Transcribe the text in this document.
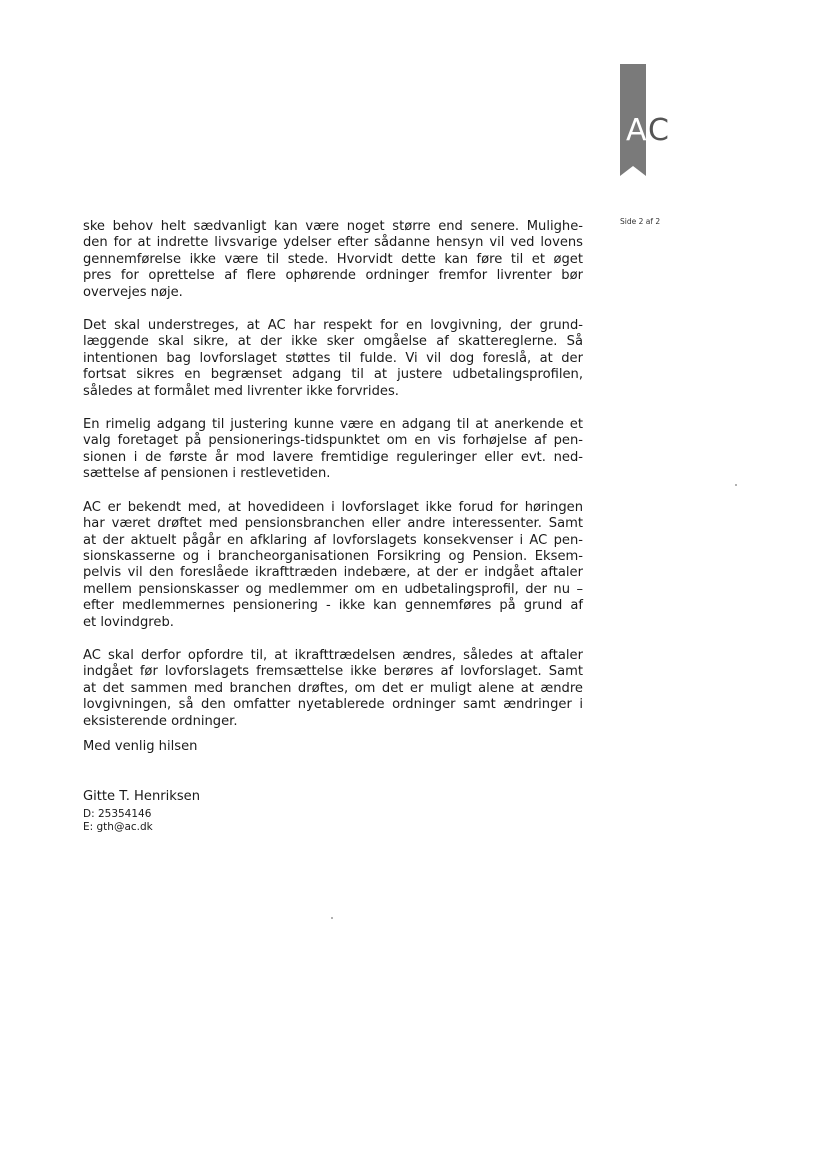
AC
Side 2 af 2
ske behov helt sædvanligt kan være noget større end senere. Mulighe-
den for at indrette livsvarige ydelser efter sådanne hensyn vil ved lovens
gennemførelse ikke være til stede. Hvorvidt dette kan føre til et øget
pres for oprettelse af flere ophørende ordninger fremfor livrenter bør
overvejes nøje.
Det skal understreges, at AC har respekt for en lovgivning, der grund-
læggende skal sikre, at der ikke sker omgåelse af skattereglerne. Så
intentionen bag lovforslaget støttes til fulde. Vi vil dog foreslå, at der
fortsat sikres en begrænset adgang til at justere udbetalingsprofilen,
således at formålet med livrenter ikke forvrides.
En rimelig adgang til justering kunne være en adgang til at anerkende et
valg foretaget på pensionerings-tidspunktet om en vis forhøjelse af pen-
sionen i de første år mod lavere fremtidige reguleringer eller evt. ned-
sættelse af pensionen i restlevetiden.
AC er bekendt med, at hovedideen i lovforslaget ikke forud for høringen
har været drøftet med pensionsbranchen eller andre interessenter. Samt
at der aktuelt pågår en afklaring af lovforslagets konsekvenser i AC pen-
sionskasserne og i brancheorganisationen Forsikring og Pension. Eksem-
pelvis vil den foreslåede ikrafttræden indebære, at der er indgået aftaler
mellem pensionskasser og medlemmer om en udbetalingsprofil, der nu –
efter medlemmernes pensionering - ikke kan gennemføres på grund af
et lovindgreb.
AC skal derfor opfordre til, at ikrafttrædelsen ændres, således at aftaler
indgået før lovforslagets fremsættelse ikke berøres af lovforslaget. Samt
at det sammen med branchen drøftes, om det er muligt alene at ændre
lovgivningen, så den omfatter nyetablerede ordninger samt ændringer i
eksisterende ordninger.
Med venlig hilsen
Gitte T. Henriksen
D: 25354146
E: gth@ac.dk
